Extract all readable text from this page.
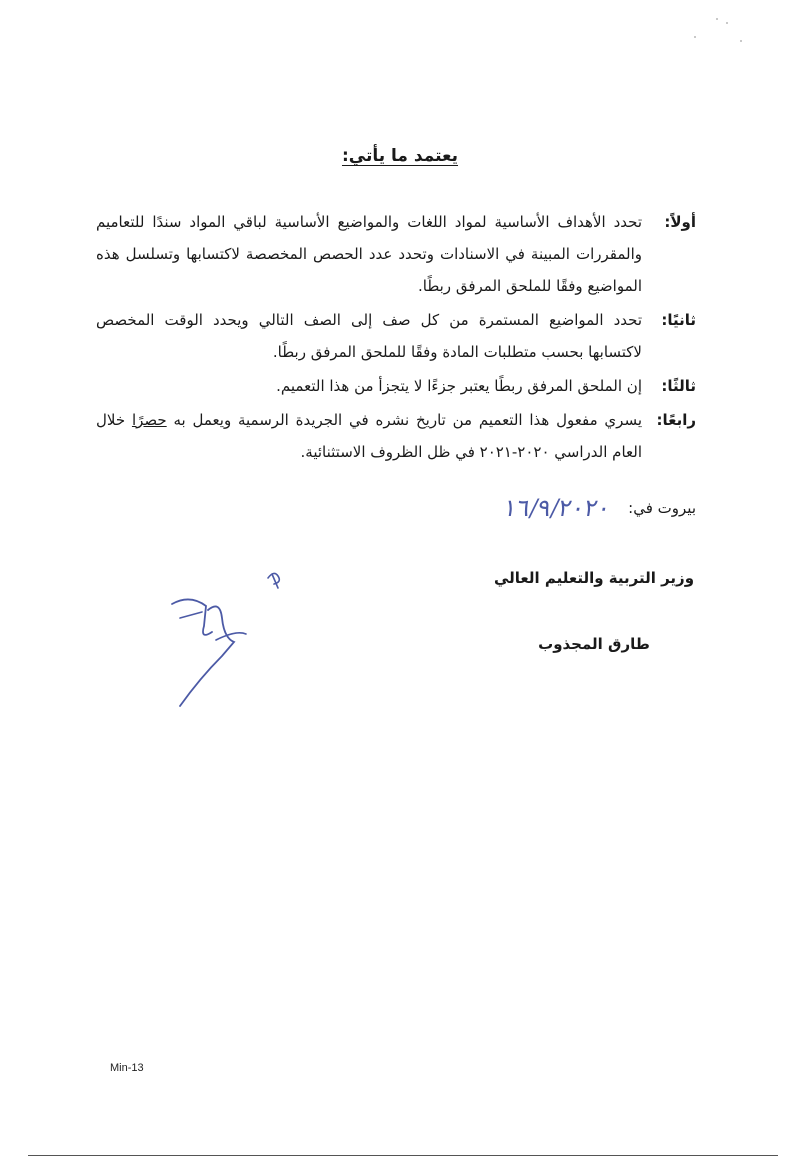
يعتمد ما يأتي:
أولاً:
تحدد الأهداف الأساسية لمواد اللغات والمواضيع الأساسية لباقي المواد سندًا للتعاميم والمقررات المبينة في الاسنادات وتحدد عدد الحصص المخصصة لاكتسابها وتسلسل هذه المواضيع وفقًا للملحق المرفق ربطًا.
ثانيًا:
تحدد المواضيع المستمرة من كل صف إلى الصف التالي ويحدد الوقت المخصص لاكتسابها بحسب متطلبات المادة وفقًا للملحق المرفق ربطًا.
ثالثًا:
إن الملحق المرفق ربطًا يعتبر جزءًا لا يتجزأ من هذا التعميم.
رابعًا:
يسري مفعول هذا التعميم من تاريخ نشره في الجريدة الرسمية ويعمل به حصرًا خلال العام الدراسي ٢٠٢٠-٢٠٢١ في ظل الظروف الاستثنائية.
بيروت في:
١٦/٩/٢٠٢٠
وزير التربية والتعليم العالي
طارق المجذوب
Min-13
